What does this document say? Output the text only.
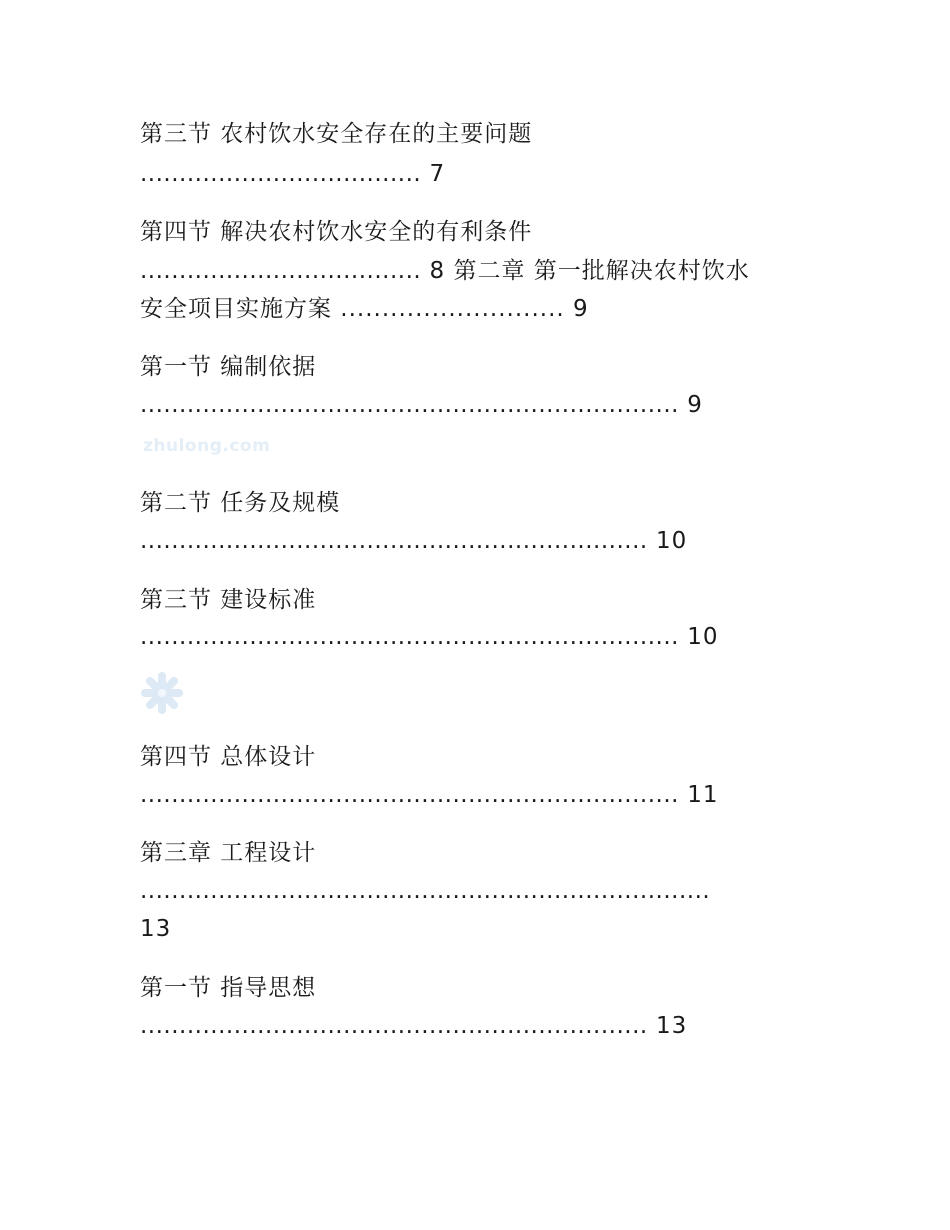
第三节 农村饮水安全存在的主要问题
.................................... 7
第四节 解决农村饮水安全的有利条件
.................................... 8 第二章 第一批解决农村饮水
安全项目实施方案 ........................... 9
第一节 编制依据
..................................................................... 9
zhulong.com
第二节 任务及规模
................................................................. 10
第三节 建设标准
..................................................................... 10
第四节 总体设计
..................................................................... 11
第三章 工程设计
.........................................................................
13
第一节 指导思想
................................................................. 13
